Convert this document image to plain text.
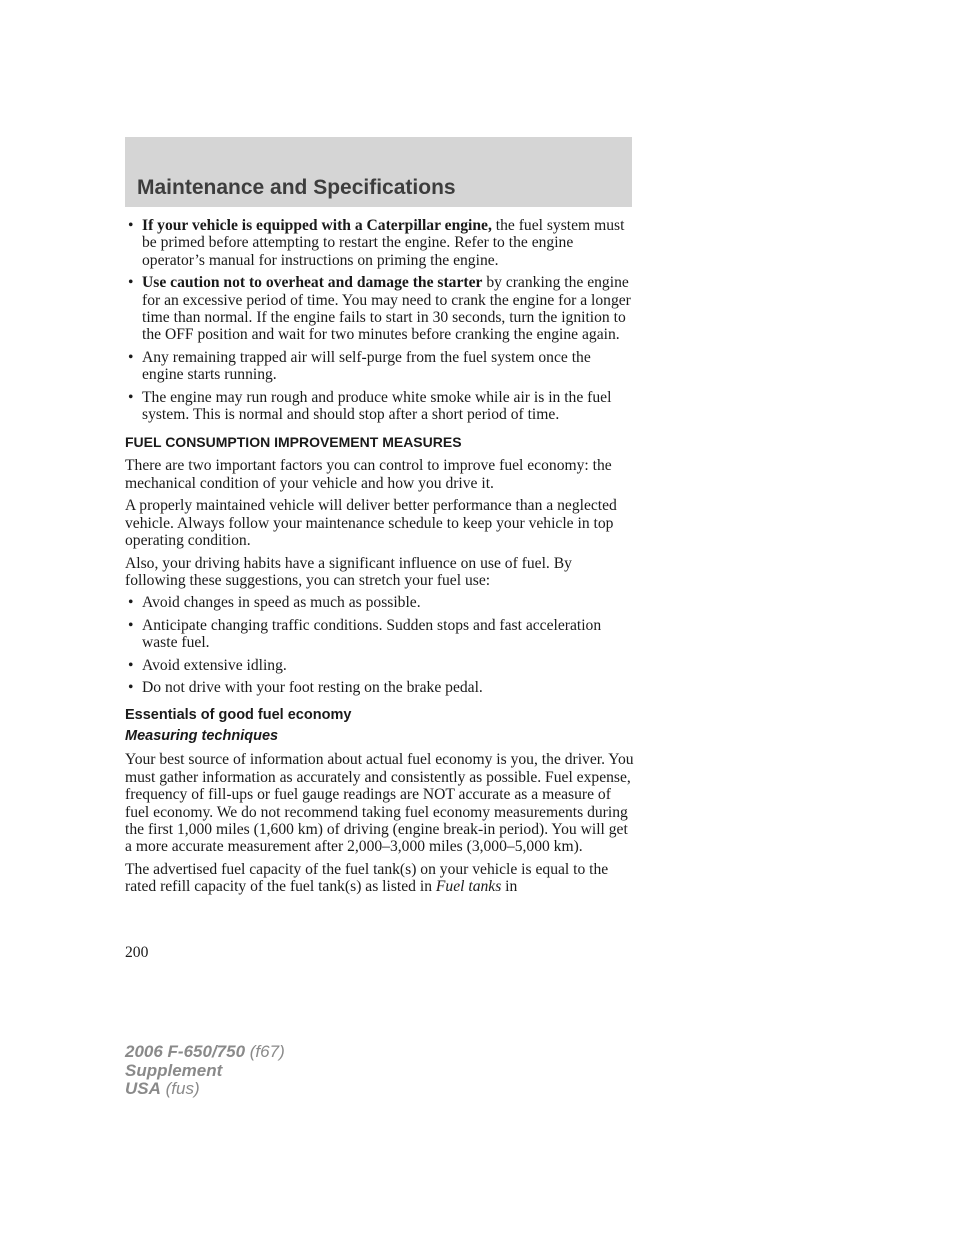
Maintenance and Specifications
• If your vehicle is equipped with a Caterpillar engine, the fuel system must be primed before attempting to restart the engine. Refer to the engine operator’s manual for instructions on priming the engine.
• Use caution not to overheat and damage the starter by cranking the engine for an excessive period of time. You may need to crank the engine for a longer time than normal. If the engine fails to start in 30 seconds, turn the ignition to the OFF position and wait for two minutes before cranking the engine again.
• Any remaining trapped air will self-purge from the fuel system once the engine starts running.
• The engine may run rough and produce white smoke while air is in the fuel system. This is normal and should stop after a short period of time.
FUEL CONSUMPTION IMPROVEMENT MEASURES

There are two important factors you can control to improve fuel economy: the mechanical condition of your vehicle and how you drive it.

A properly maintained vehicle will deliver better performance than a neglected vehicle. Always follow your maintenance schedule to keep your vehicle in top operating condition.

Also, your driving habits have a significant influence on use of fuel. By following these suggestions, you can stretch your fuel use:

• Avoid changes in speed as much as possible.
• Anticipate changing traffic conditions. Sudden stops and fast acceleration waste fuel.
• Avoid extensive idling.
• Do not drive with your foot resting on the brake pedal.
Essentials of good fuel economy
Measuring techniques

Your best source of information about actual fuel economy is you, the driver. You must gather information as accurately and consistently as possible. Fuel expense, frequency of fill-ups or fuel gauge readings are NOT accurate as a measure of fuel economy. We do not recommend taking fuel economy measurements during the first 1,000 miles (1,600 km) of driving (engine break-in period). You will get a more accurate measurement after 2,000–3,000 miles (3,000–5,000 km).

The advertised fuel capacity of the fuel tank(s) on your vehicle is equal to the rated refill capacity of the fuel tank(s) as listed in Fuel tanks in

200
2006 F-650/750 (f67)
Supplement
USA (fus)
